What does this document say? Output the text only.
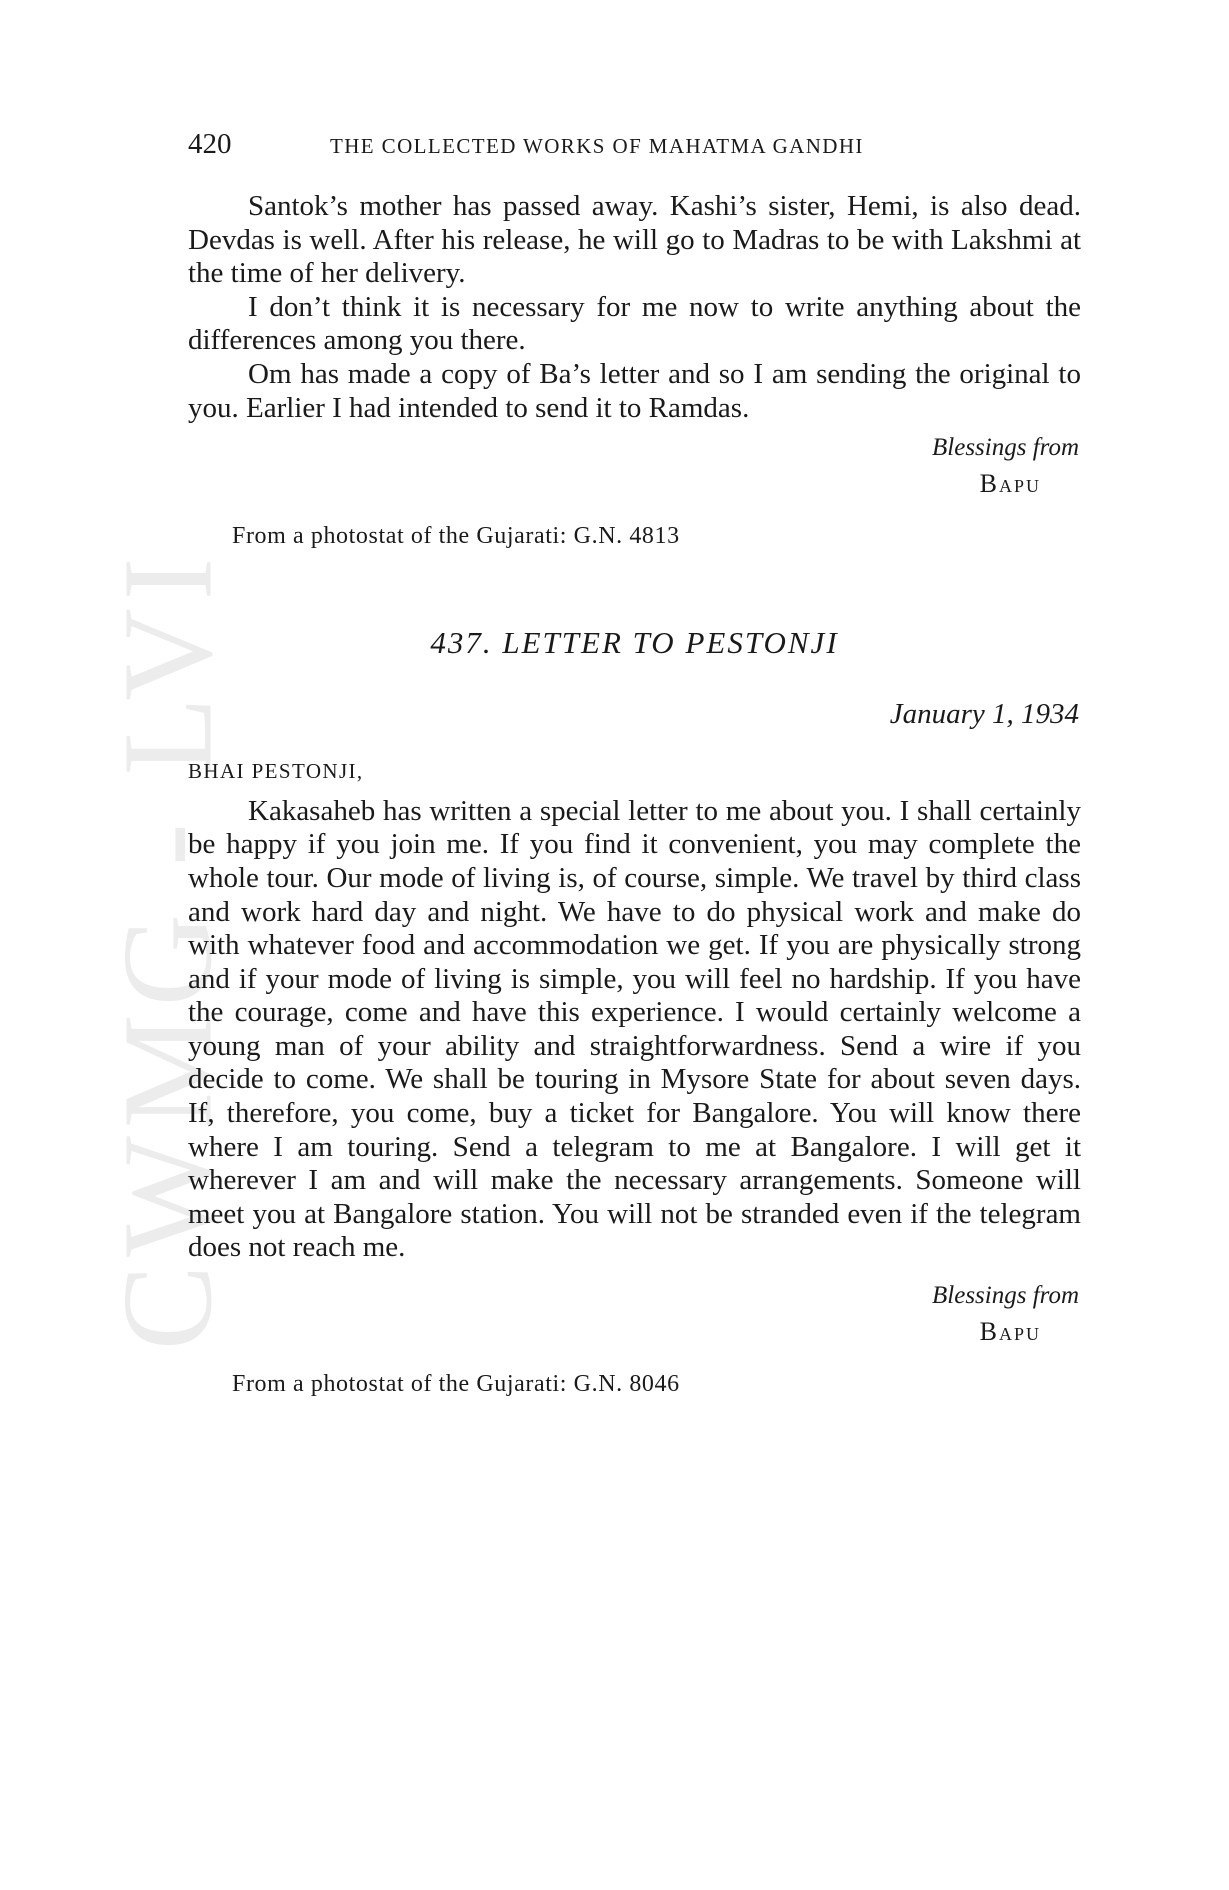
CWMG - LVI
420	THE COLLECTED WORKS OF MAHATMA GANDHI

Santok’s mother has passed away. Kashi’s sister, Hemi, is also dead. Devdas is well. After his release, he will go to Madras to be with Lakshmi at the time of her delivery.

I don’t think it is necessary for me now to write anything about the differences among you there.

Om has made a copy of Ba’s letter and so I am sending the original to you. Earlier I had intended to send it to Ramdas.

Blessings from
Bapu
From a photostat of the Gujarati: G.N. 4813
437. LETTER TO PESTONJI
January 1, 1934
BHAI PESTONJI,

Kakasaheb has written a special letter to me about you. I shall certainly be happy if you join me. If you find it convenient, you may complete the whole tour. Our mode of living is, of course, simple. We travel by third class and work hard day and night. We have to do physical work and make do with whatever food and accommodation we get. If you are physically strong and if your mode of living is simple, you will feel no hardship. If you have the courage, come and have this experience. I would certainly welcome a young man of your ability and straightforwardness. Send a wire if you decide to come. We shall be touring in Mysore State for about seven days. If, therefore, you come, buy a ticket for Bangalore. You will know there where I am touring. Send a telegram to me at Bangalore. I will get it wherever I am and will make the necessary arrangements. Someone will meet you at Bangalore station. You will not be stranded even if the telegram does not reach me.

Blessings from
Bapu
From a photostat of the Gujarati: G.N. 8046
